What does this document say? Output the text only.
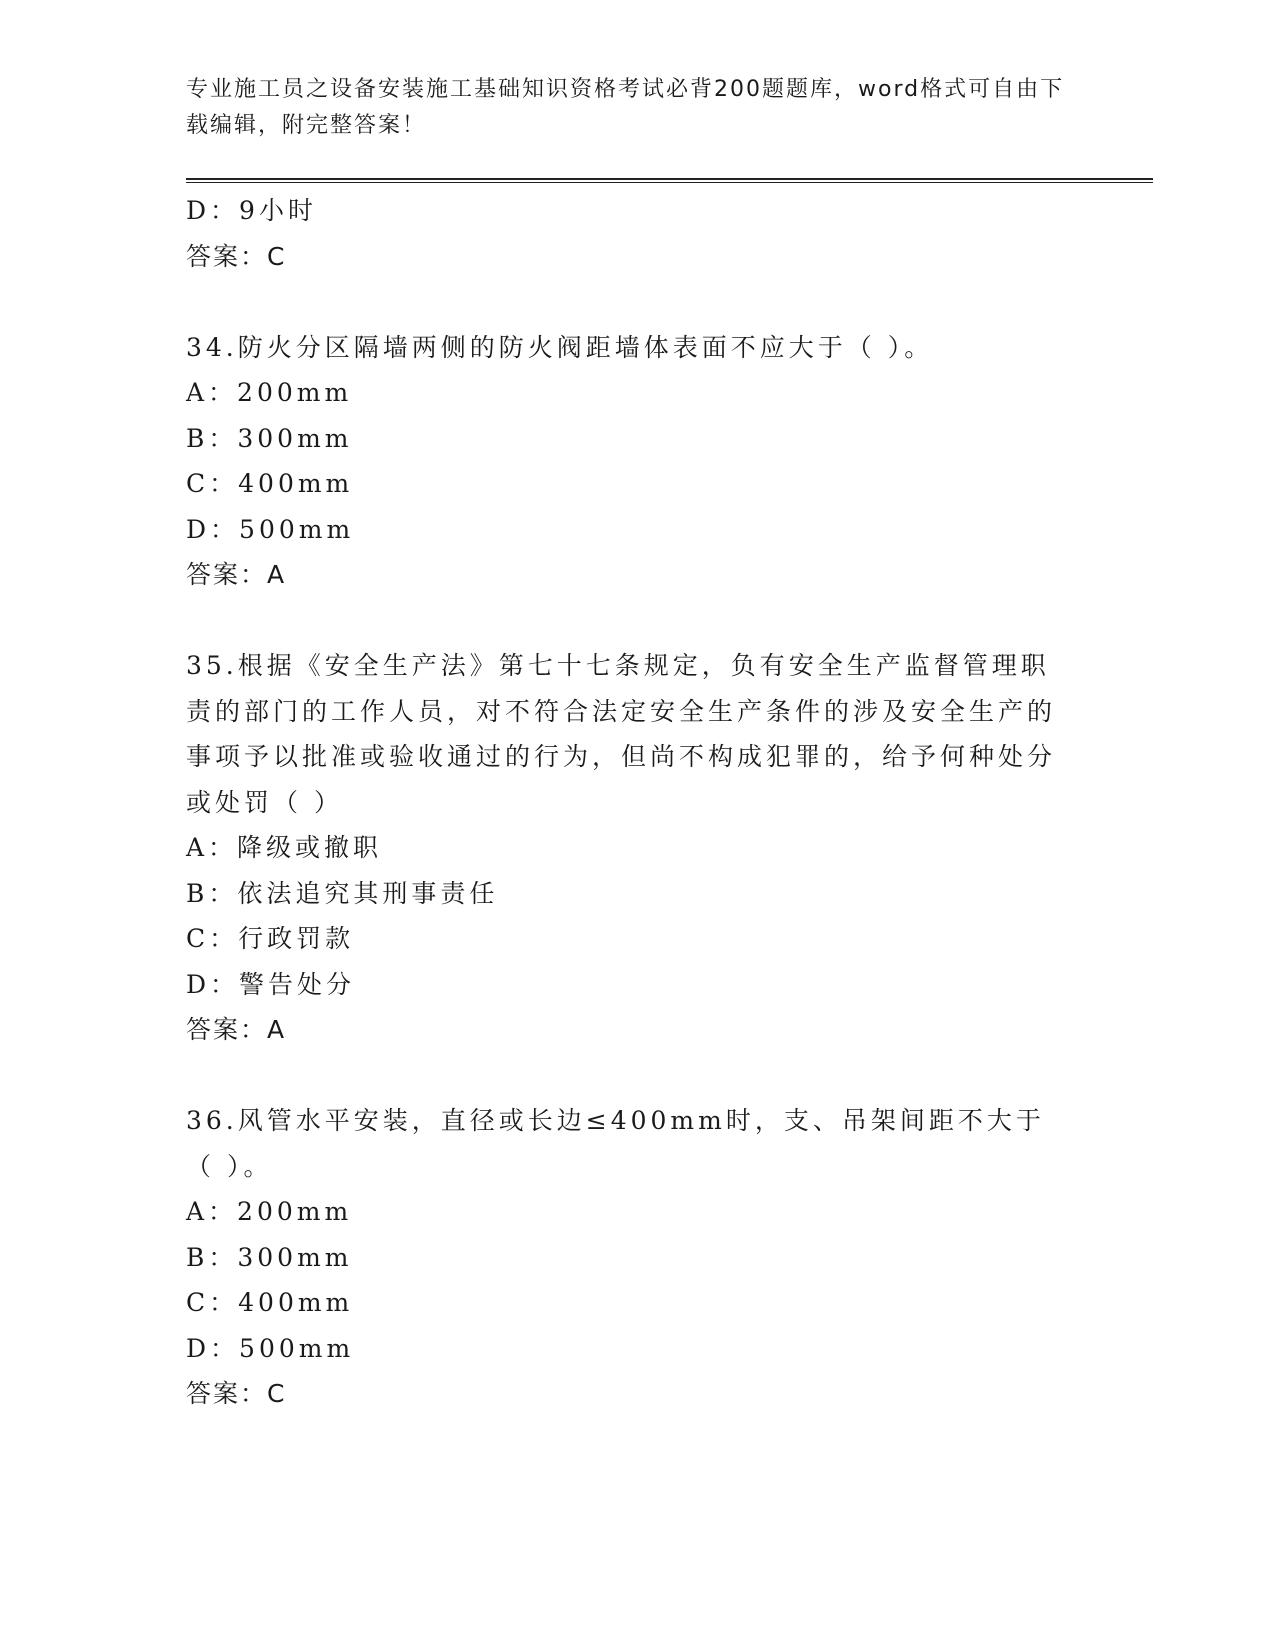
专业施工员之设备安装施工基础知识资格考试必背200题题库，word格式可自由下载编辑，附完整答案！
D：9小时
答案：C
34.防火分区隔墙两侧的防火阀距墙体表面不应大于（ ）。
A：200mm
B：300mm
C：400mm
D：500mm
答案：A
35.根据《安全生产法》第七十七条规定，负有安全生产监督管理职责的部门的工作人员，对不符合法定安全生产条件的涉及安全生产的事项予以批准或验收通过的行为，但尚不构成犯罪的，给予何种处分或处罚（ ）
A：降级或撤职
B：依法追究其刑事责任
C：行政罚款
D：警告处分
答案：A
36.风管水平安装，直径或长边≤400mm时，支、吊架间距不大于（ ）。
A：200mm
B：300mm
C：400mm
D：500mm
答案：C
